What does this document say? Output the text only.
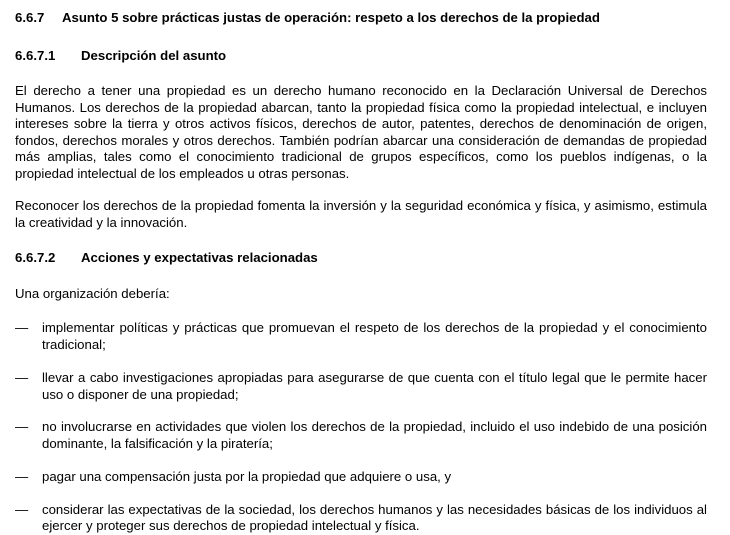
6.6.7 Asunto 5 sobre prácticas justas de operación: respeto a los derechos de la propiedad
6.6.7.1 Descripción del asunto

El derecho a tener una propiedad es un derecho humano reconocido en la Declaración Universal de Derechos Humanos. Los derechos de la propiedad abarcan, tanto la propiedad física como la propiedad intelectual, e incluyen intereses sobre la tierra y otros activos físicos, derechos de autor, patentes, derechos de denominación de origen, fondos, derechos morales y otros derechos. También podrían abarcar una consideración de demandas de propiedad más amplias, tales como el conocimiento tradicional de grupos específicos, como los pueblos indígenas, o la propiedad intelectual de los empleados u otras personas.

Reconocer los derechos de la propiedad fomenta la inversión y la seguridad económica y física, y asimismo, estimula la creatividad y la innovación.

6.6.7.2 Acciones y expectativas relacionadas

Una organización debería:

— implementar políticas y prácticas que promuevan el respeto de los derechos de la propiedad y el conocimiento tradicional;
— llevar a cabo investigaciones apropiadas para asegurarse de que cuenta con el título legal que le permite hacer uso o disponer de una propiedad;
— no involucrarse en actividades que violen los derechos de la propiedad, incluido el uso indebido de una posición dominante, la falsificación y la piratería;
— pagar una compensación justa por la propiedad que adquiere o usa, y
— considerar las expectativas de la sociedad, los derechos humanos y las necesidades básicas de los individuos al ejercer y proteger sus derechos de propiedad intelectual y física.
